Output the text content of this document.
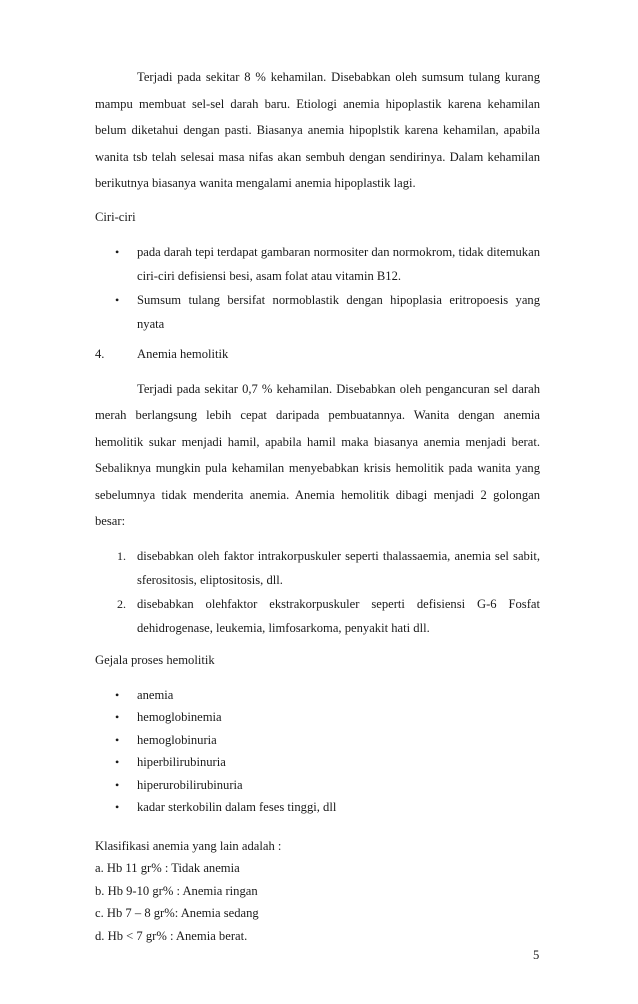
Terjadi pada sekitar 8 % kehamilan. Disebabkan oleh sumsum tulang kurang mampu membuat sel-sel darah baru. Etiologi anemia hipoplastik karena kehamilan belum diketahui dengan pasti. Biasanya anemia hipoplstik karena kehamilan, apabila wanita tsb telah selesai masa nifas akan sembuh dengan sendirinya. Dalam kehamilan berikutnya biasanya wanita mengalami anemia hipoplastik lagi.

Ciri-ciri

• pada darah tepi terdapat gambaran normositer dan normokrom, tidak ditemukan ciri-ciri defisiensi besi, asam folat atau vitamin B12.
• Sumsum tulang bersifat normoblastik dengan hipoplasia eritropoesis yang nyata
4.	Anemia hemolitik

Terjadi pada sekitar 0,7 % kehamilan. Disebabkan oleh pengancuran sel darah merah berlangsung lebih cepat daripada pembuatannya. Wanita dengan anemia hemolitik sukar menjadi hamil, apabila hamil maka biasanya anemia menjadi berat. Sebaliknya mungkin pula kehamilan menyebabkan krisis hemolitik pada wanita yang sebelumnya tidak menderita anemia. Anemia hemolitik dibagi menjadi 2 golongan besar:

1. disebabkan oleh faktor intrakorpuskuler seperti thalassaemia, anemia sel sabit, sferositosis, eliptositosis, dll.
2. disebabkan olehfaktor ekstrakorpuskuler seperti defisiensi G-6 Fosfat dehidrogenase, leukemia, limfosarkoma, penyakit hati dll.

Gejala proses hemolitik

• anemia
• hemoglobinemia
• hemoglobinuria
• hiperbilirubinuria
• hiperurobilirubinuria
• kadar sterkobilin dalam feses tinggi, dll

Klasifikasi anemia yang lain adalah :

a. Hb 11 gr% : Tidak anemia

b. Hb 9-10 gr% : Anemia ringan

c. Hb 7 – 8 gr%: Anemia sedang

d. Hb < 7 gr% : Anemia berat.

5
